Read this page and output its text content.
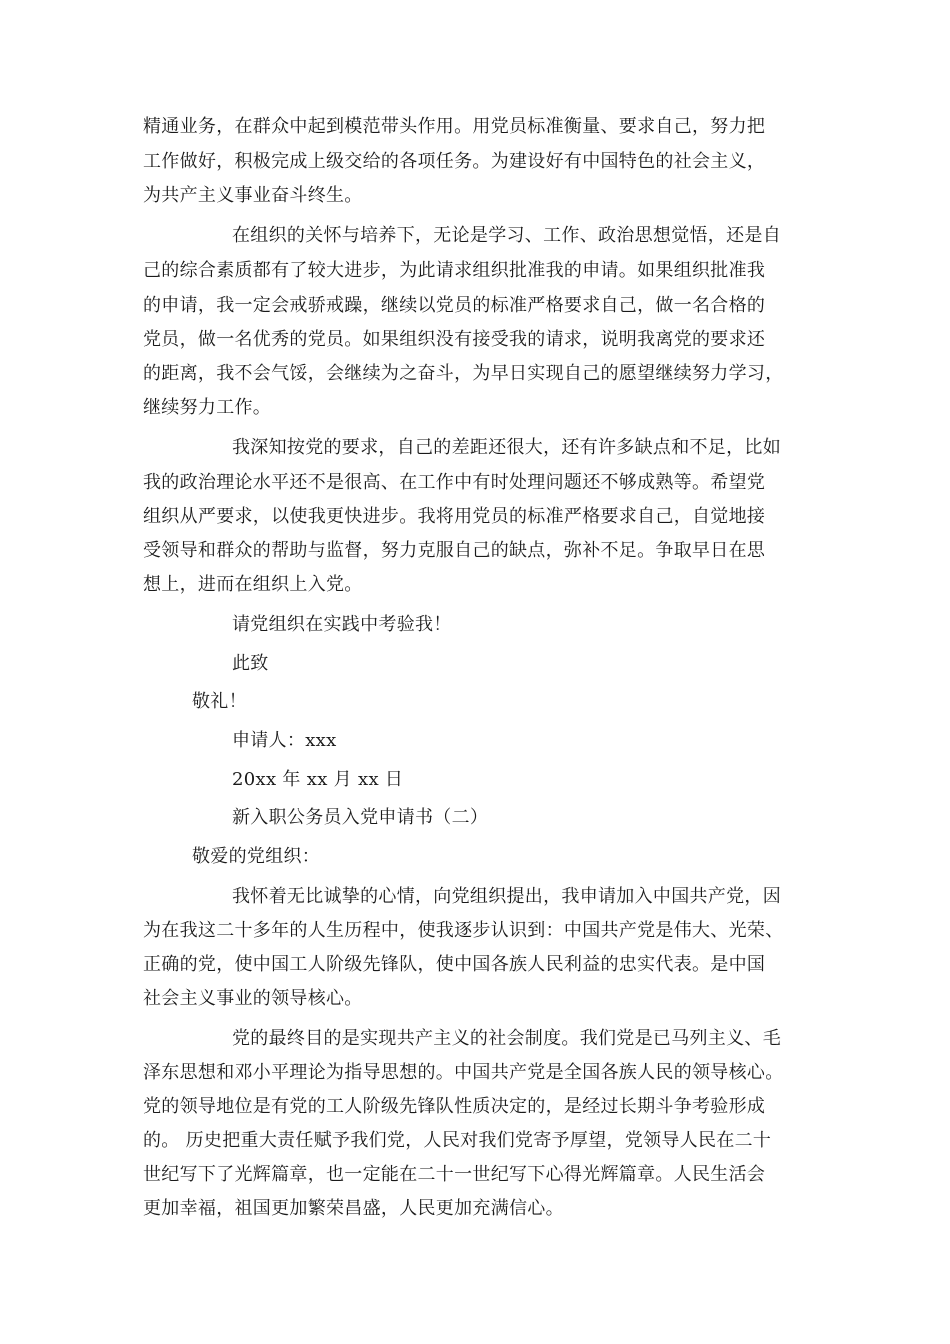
精通业务，在群众中起到模范带头作用。用党员标准衡量、要求自己，努力把
工作做好，积极完成上级交给的各项任务。为建设好有中国特色的社会主义，
为共产主义事业奋斗终生。
在组织的关怀与培养下，无论是学习、工作、政治思想觉悟，还是自
己的综合素质都有了较大进步，为此请求组织批准我的申请。如果组织批准我
的申请，我一定会戒骄戒躁，继续以党员的标准严格要求自己，做一名合格的
党员，做一名优秀的党员。如果组织没有接受我的请求，说明我离党的要求还
的距离，我不会气馁，会继续为之奋斗，为早日实现自己的愿望继续努力学习，
继续努力工作。
我深知按党的要求，自己的差距还很大，还有许多缺点和不足，比如
我的政治理论水平还不是很高、在工作中有时处理问题还不够成熟等。希望党
组织从严要求，以使我更快进步。我将用党员的标准严格要求自己，自觉地接
受领导和群众的帮助与监督，努力克服自己的缺点，弥补不足。争取早日在思
想上，进而在组织上入党。
请党组织在实践中考验我！
此致
敬礼！
申请人：xxx
20xx 年 xx 月 xx 日
新入职公务员入党申请书（二）
敬爱的党组织：
我怀着无比诚挚的心情，向党组织提出，我申请加入中国共产党，因
为在我这二十多年的人生历程中，使我逐步认识到：中国共产党是伟大、光荣、
正确的党，使中国工人阶级先锋队，使中国各族人民利益的忠实代表。是中国
社会主义事业的领导核心。
党的最终目的是实现共产主义的社会制度。我们党是已马列主义、毛
泽东思想和邓小平理论为指导思想的。中国共产党是全国各族人民的领导核心。
党的领导地位是有党的工人阶级先锋队性质决定的，是经过长期斗争考验形成
的。 历史把重大责任赋予我们党，人民对我们党寄予厚望，党领导人民在二十
世纪写下了光辉篇章，也一定能在二十一世纪写下心得光辉篇章。人民生活会
更加幸福，祖国更加繁荣昌盛，人民更加充满信心。
